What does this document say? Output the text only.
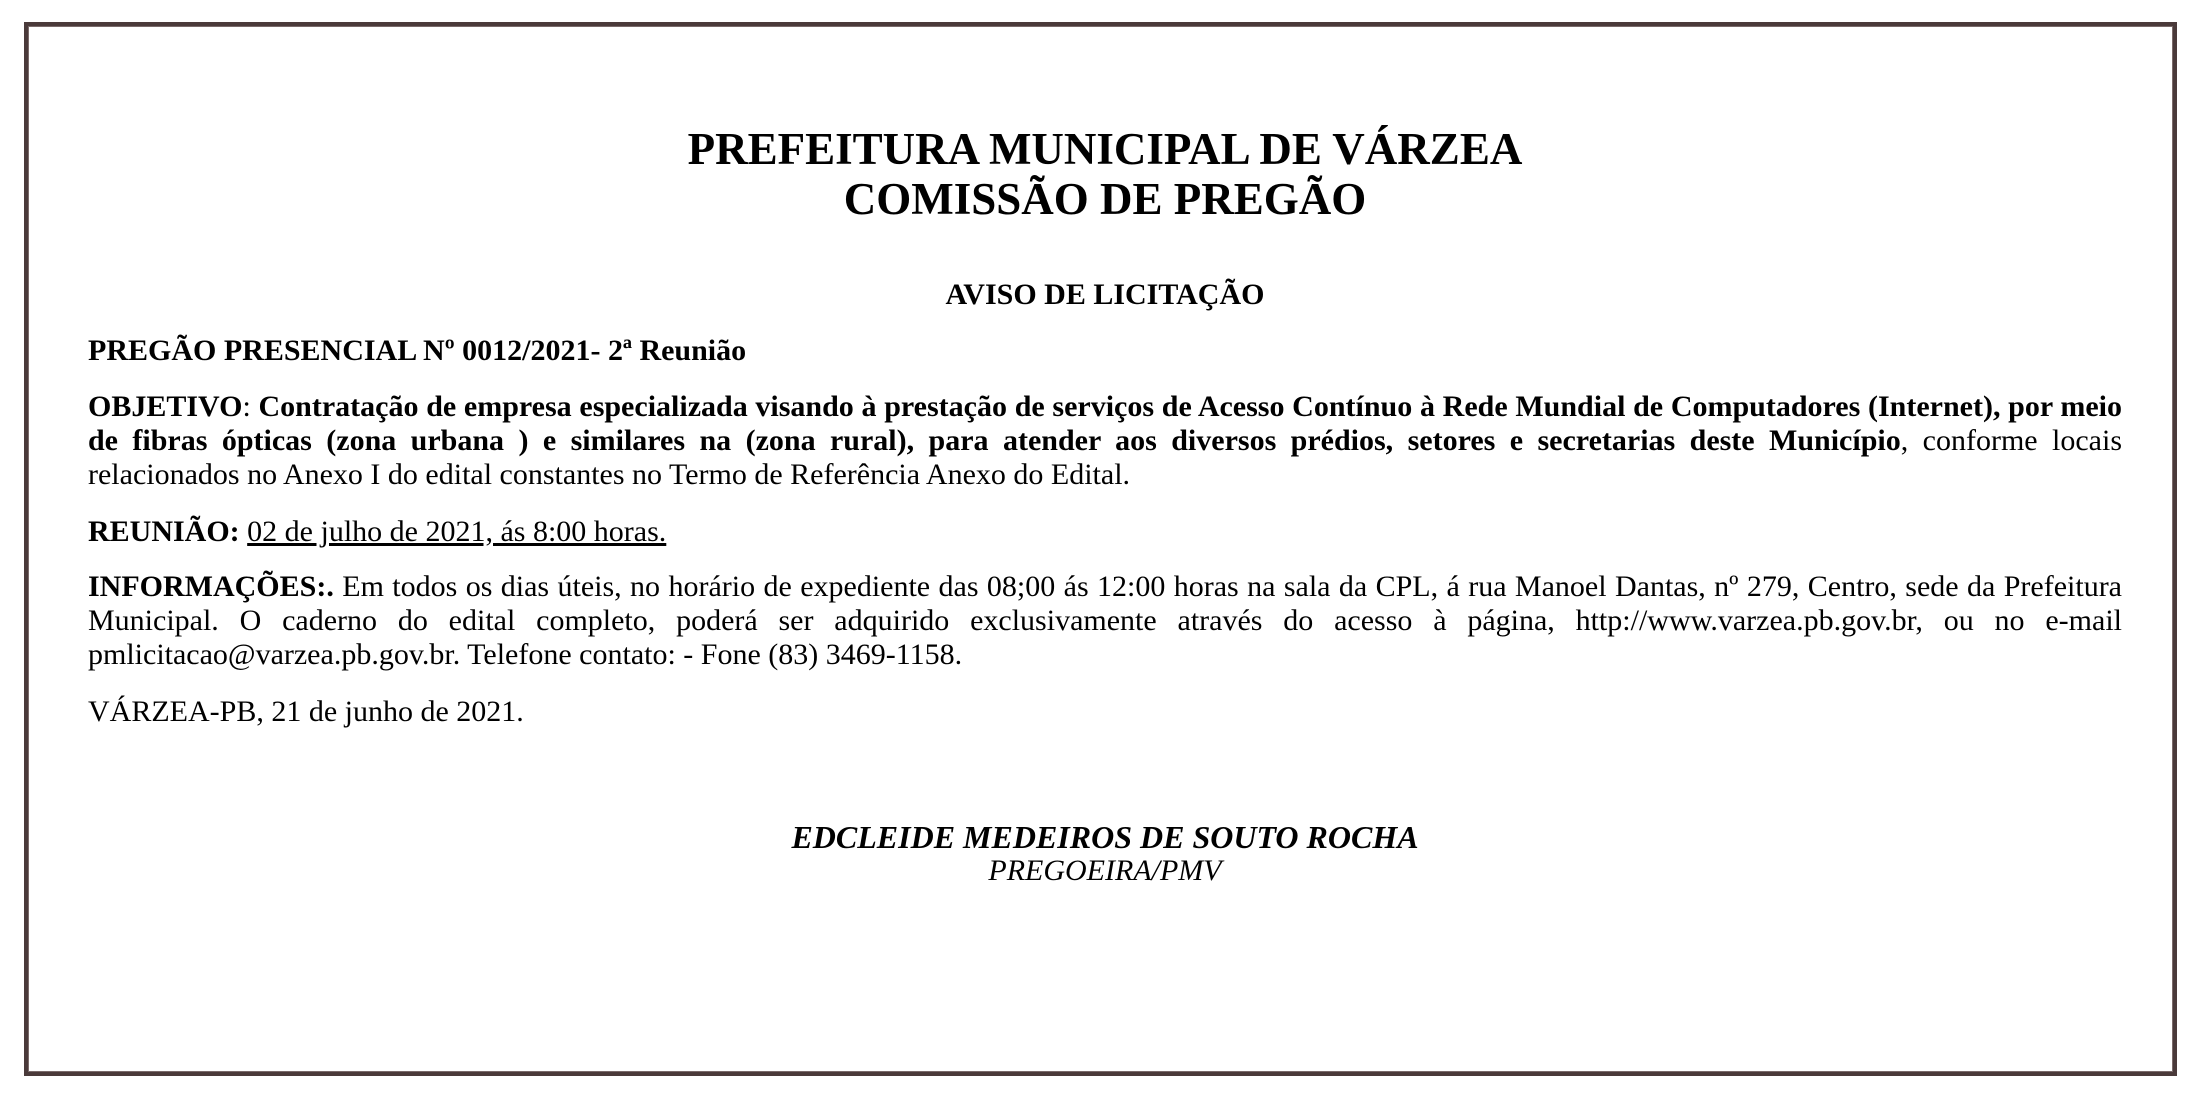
PREFEITURA MUNICIPAL DE VÁRZEA
COMISSÃO DE PREGÃO
AVISO DE LICITAÇÃO
PREGÃO PRESENCIAL Nº 0012/2021- 2ª Reunião
OBJETIVO: Contratação de empresa especializada visando à prestação de serviços de Acesso Contínuo à Rede Mundial de Computadores (Internet), por meio de fibras ópticas (zona urbana ) e similares na (zona rural), para atender aos diversos prédios, setores e secretarias deste Município, conforme locais relacionados no Anexo I do edital constantes no Termo de Referência Anexo do Edital.
REUNIÃO: 02 de julho de 2021, ás 8:00 horas.
INFORMAÇÕES:. Em todos os dias úteis, no horário de expediente das 08;00 ás 12:00 horas na sala da CPL, á rua Manoel Dantas, nº 279, Centro, sede da Prefeitura Municipal. O caderno do edital completo, poderá ser adquirido exclusivamente através do acesso à página, http://www.varzea.pb.gov.br, ou no e-mail pmlicitacao@varzea.pb.gov.br. Telefone contato: - Fone (83) 3469-1158.
VÁRZEA-PB, 21 de junho de 2021.
EDCLEIDE MEDEIROS DE SOUTO ROCHA
PREGOEIRA/PMV
